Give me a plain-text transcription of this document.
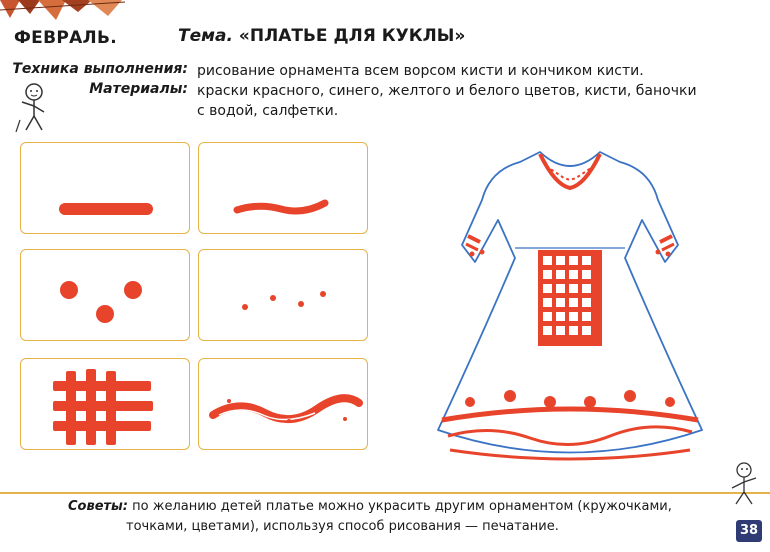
ФЕВРАЛЬ.	Тема. «ПЛАТЬЕ ДЛЯ КУКЛЫ»
Техника выполнения: рисование орнамента всем ворсом кисти и кончиком кисти.
Материалы: краски красного, синего, желтого и белого цветов, кисти, баночки
с водой, салфетки.
Советы: по желанию детей платье можно украсить другим орнаментом (кружочками,
точками, цветами), используя способ рисования — печатание.	38
